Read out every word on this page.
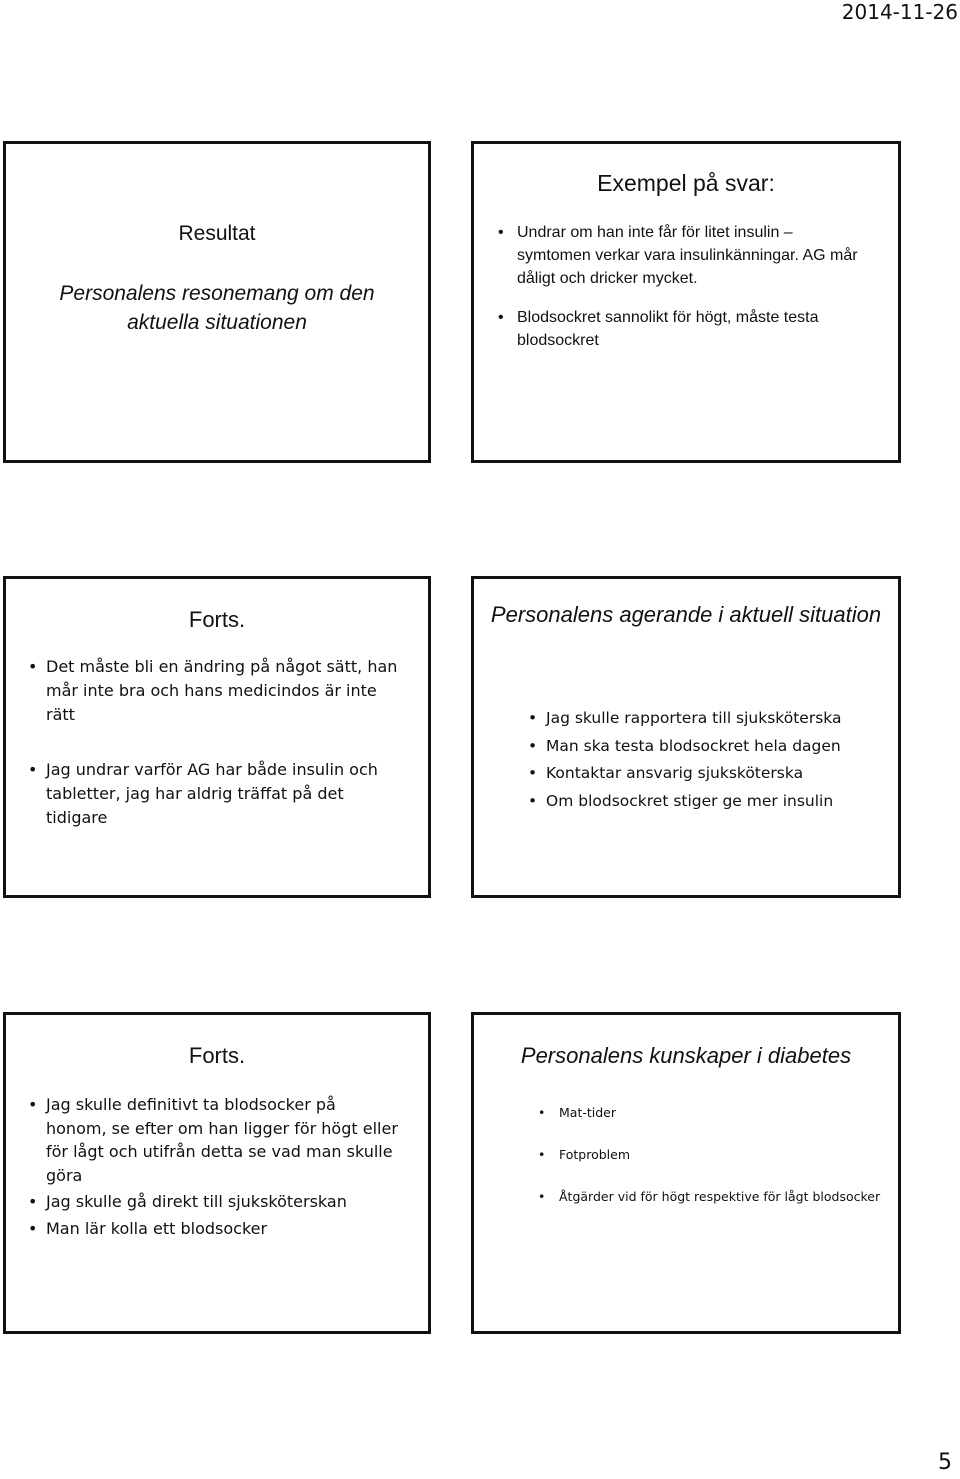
2014-11-26
Resultat
Personalens resonemang om den aktuella situationen
Exempel på svar:
• Undrar om han inte får för litet insulin – symtomen verkar vara insulinkänningar. AG mår dåligt och dricker mycket.
• Blodsockret sannolikt för högt, måste testa blodsockret
Forts.
• Det måste bli en ändring på något sätt, han mår inte bra och hans medicindos är inte rätt
• Jag undrar varför AG har både insulin och tabletter, jag har aldrig träffat på det tidigare
Personalens agerande i aktuell situation
• Jag skulle rapportera till sjuksköterska
• Man ska testa blodsockret hela dagen
• Kontaktar ansvarig sjuksköterska
• Om blodsockret stiger ge mer insulin
Forts.
• Jag skulle definitivt ta blodsocker på honom, se efter om han ligger för högt eller för lågt och utifrån detta se vad man skulle göra
• Jag skulle gå direkt till sjuksköterskan
• Man lär kolla ett blodsocker
Personalens kunskaper i diabetes
• Mat-tider
• Fotproblem
• Åtgärder vid för högt respektive för lågt blodsocker
5
